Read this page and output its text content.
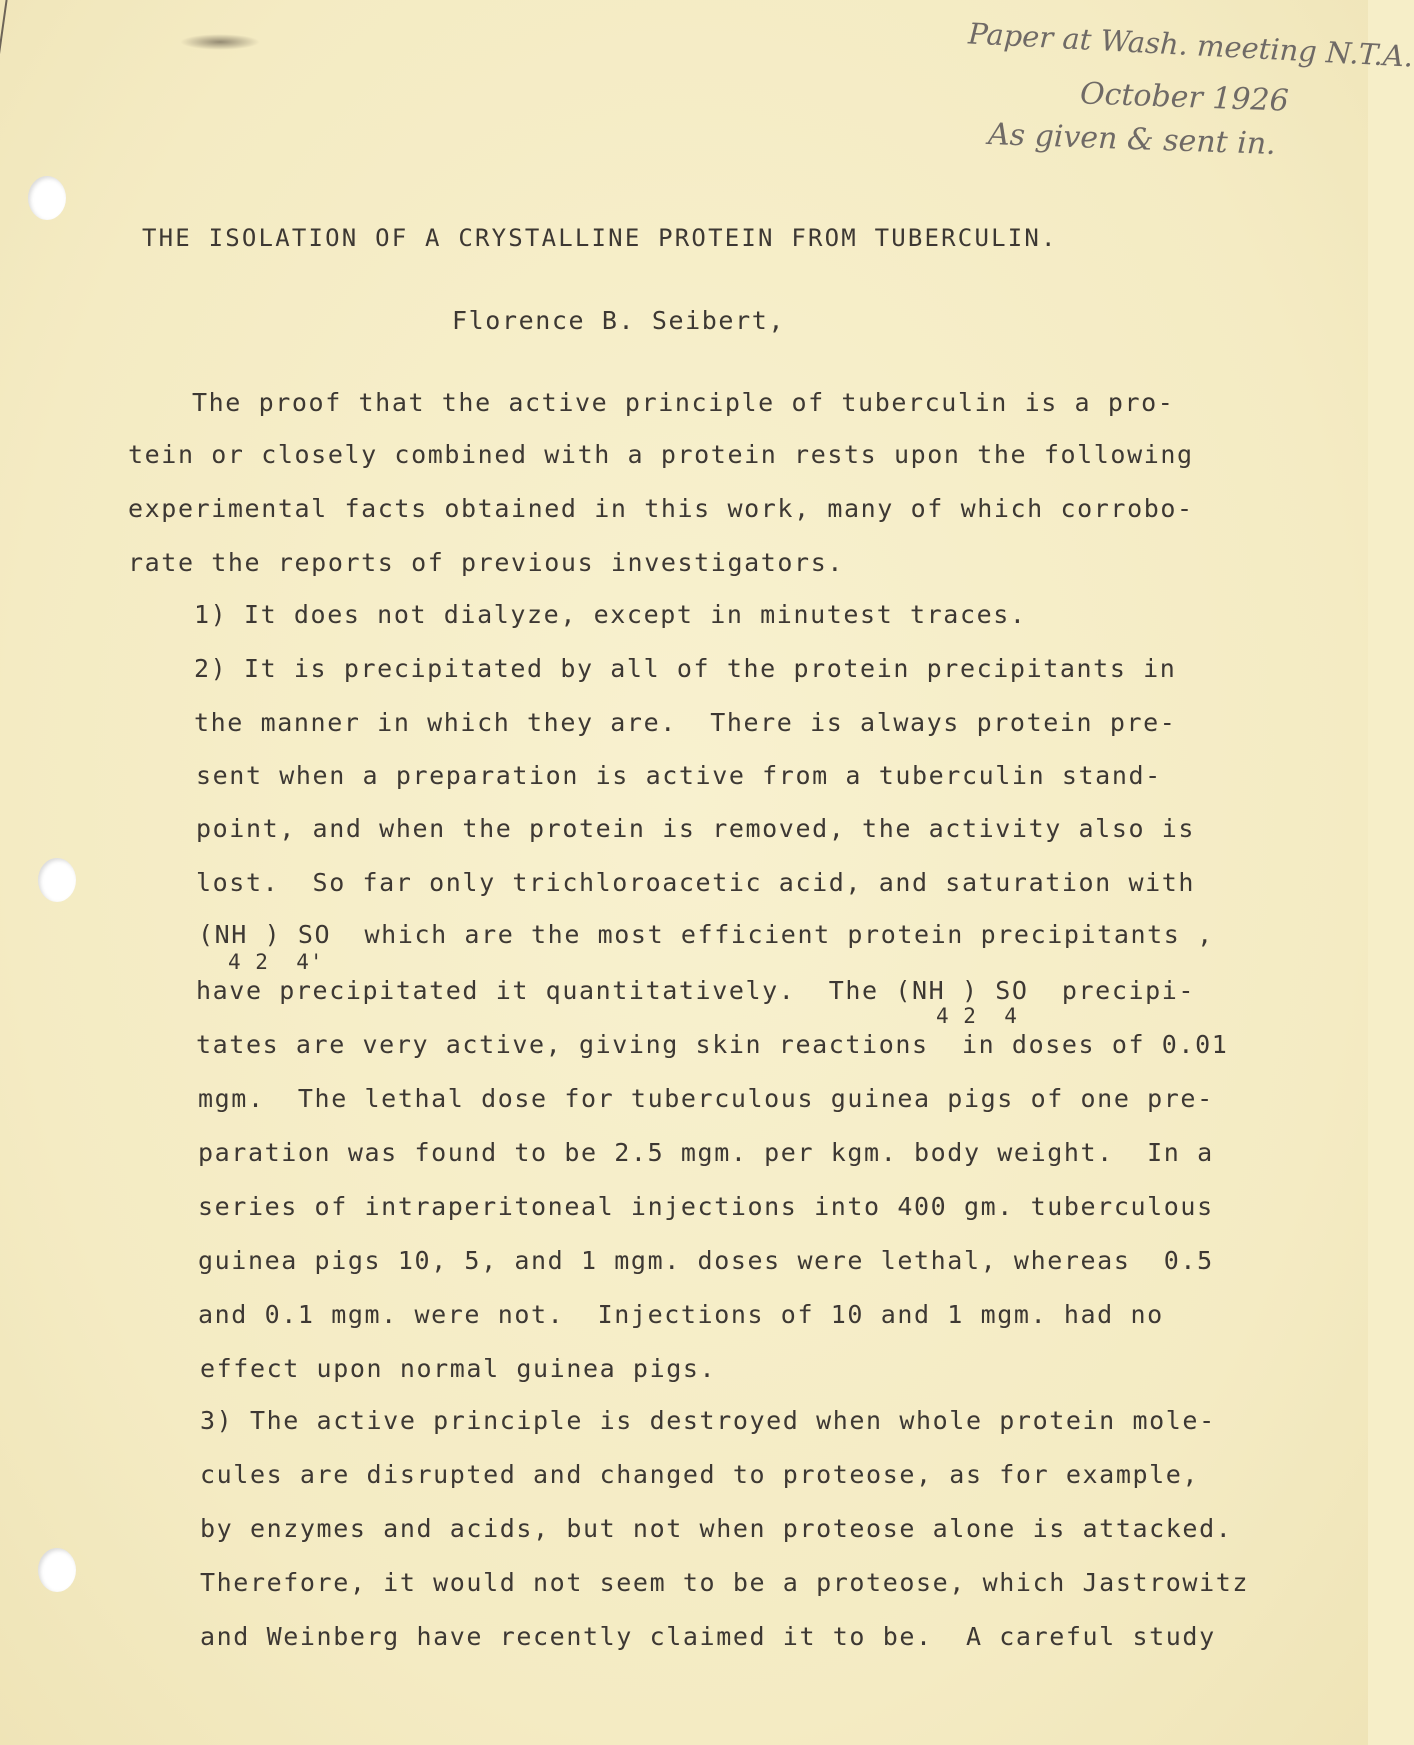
Paper at Wash. meeting N.T.A.
October 1926
As given & sent in.
THE ISOLATION OF A CRYSTALLINE PROTEIN FROM TUBERCULIN.
Florence B. Seibert,
The proof that the active principle of tuberculin is a pro-
tein or closely combined with a protein rests upon the following
experimental facts obtained in this work, many of which corrobo-
rate the reports of previous investigators.
1) It does not dialyze, except in minutest traces.
2) It is precipitated by all of the protein precipitants in
the manner in which they are.  There is always protein pre-
sent when a preparation is active from a tuberculin stand-
point, and when the protein is removed, the activity also is
lost.  So far only trichloroacetic acid, and saturation with
(NH ) SO  which are the most efficient protein precipitants ,
4 2  4'
have precipitated it quantitatively.  The (NH ) SO  precipi-
4 2  4
tates are very active, giving skin reactions  in doses of 0.01
mgm.  The lethal dose for tuberculous guinea pigs of one pre-
paration was found to be 2.5 mgm. per kgm. body weight.  In a
series of intraperitoneal injections into 400 gm. tuberculous
guinea pigs 10, 5, and 1 mgm. doses were lethal, whereas  0.5
and 0.1 mgm. were not.  Injections of 10 and 1 mgm. had no
effect upon normal guinea pigs.
3) The active principle is destroyed when whole protein mole-
cules are disrupted and changed to proteose, as for example,
by enzymes and acids, but not when proteose alone is attacked.
Therefore, it would not seem to be a proteose, which Jastrowitz
and Weinberg have recently claimed it to be.  A careful study
